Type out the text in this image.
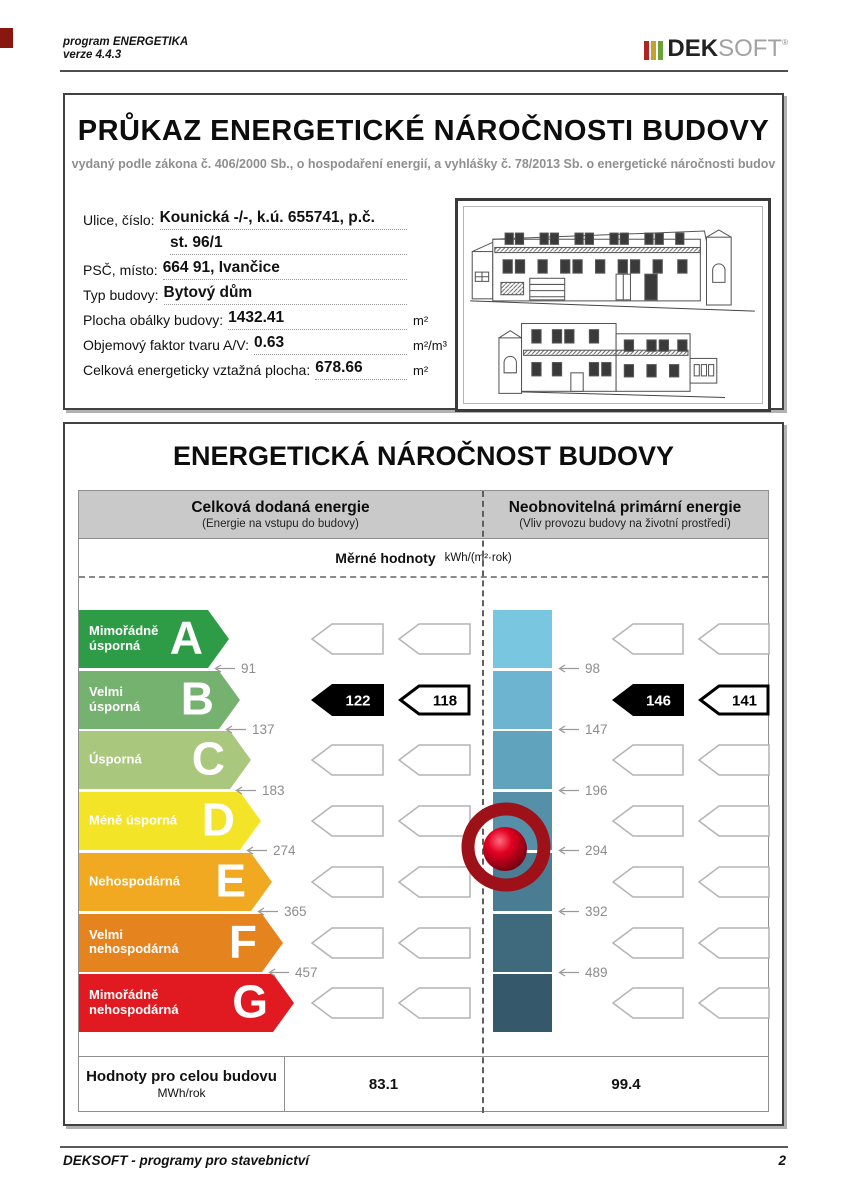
program ENERGETIKA
verze 4.4.3	DEK SOFT ®
PRŮKAZ ENERGETICKÉ NÁROČNOSTI BUDOVY
vydaný podle zákona č. 406/2000 Sb., o hospodaření energií, a vyhlášky č. 78/2013 Sb. o energetické náročnosti budov
Ulice, číslo: Kounická -/-, k.ú. 655741, p.č.
st. 96/1
PSČ, místo: 664 91, Ivančice
Typ budovy: Bytový dům
Plocha obálky budovy: 1432.41	m²
Objemový faktor tvaru A/V: 0.63	m²/m³
Celková energeticky vztažná plocha: 678.66	m²
ENERGETICKÁ NÁROČNOST BUDOVY
Celková dodaná energie
(Energie na vstupu do budovy)
Neobnovitelná primární energie
(Vliv provozu budovy na životní prostředí)
Měrné hodnoty kWh/(m²·rok)
Hodnoty pro celou budovu
MWh/rok
83.1	99.4
Mimořádně úsporná A
Velmi úsporná B
Úsporná	C
Méně úsporná D
Nehospodárná E
Velmi nehospodárná	F
Mimořádně nehospodárná	G
91
137
183
274
365
457
98
147
196
294
392
489
122	118	146	141
DEKSOFT - programy pro stavebnictví	2
